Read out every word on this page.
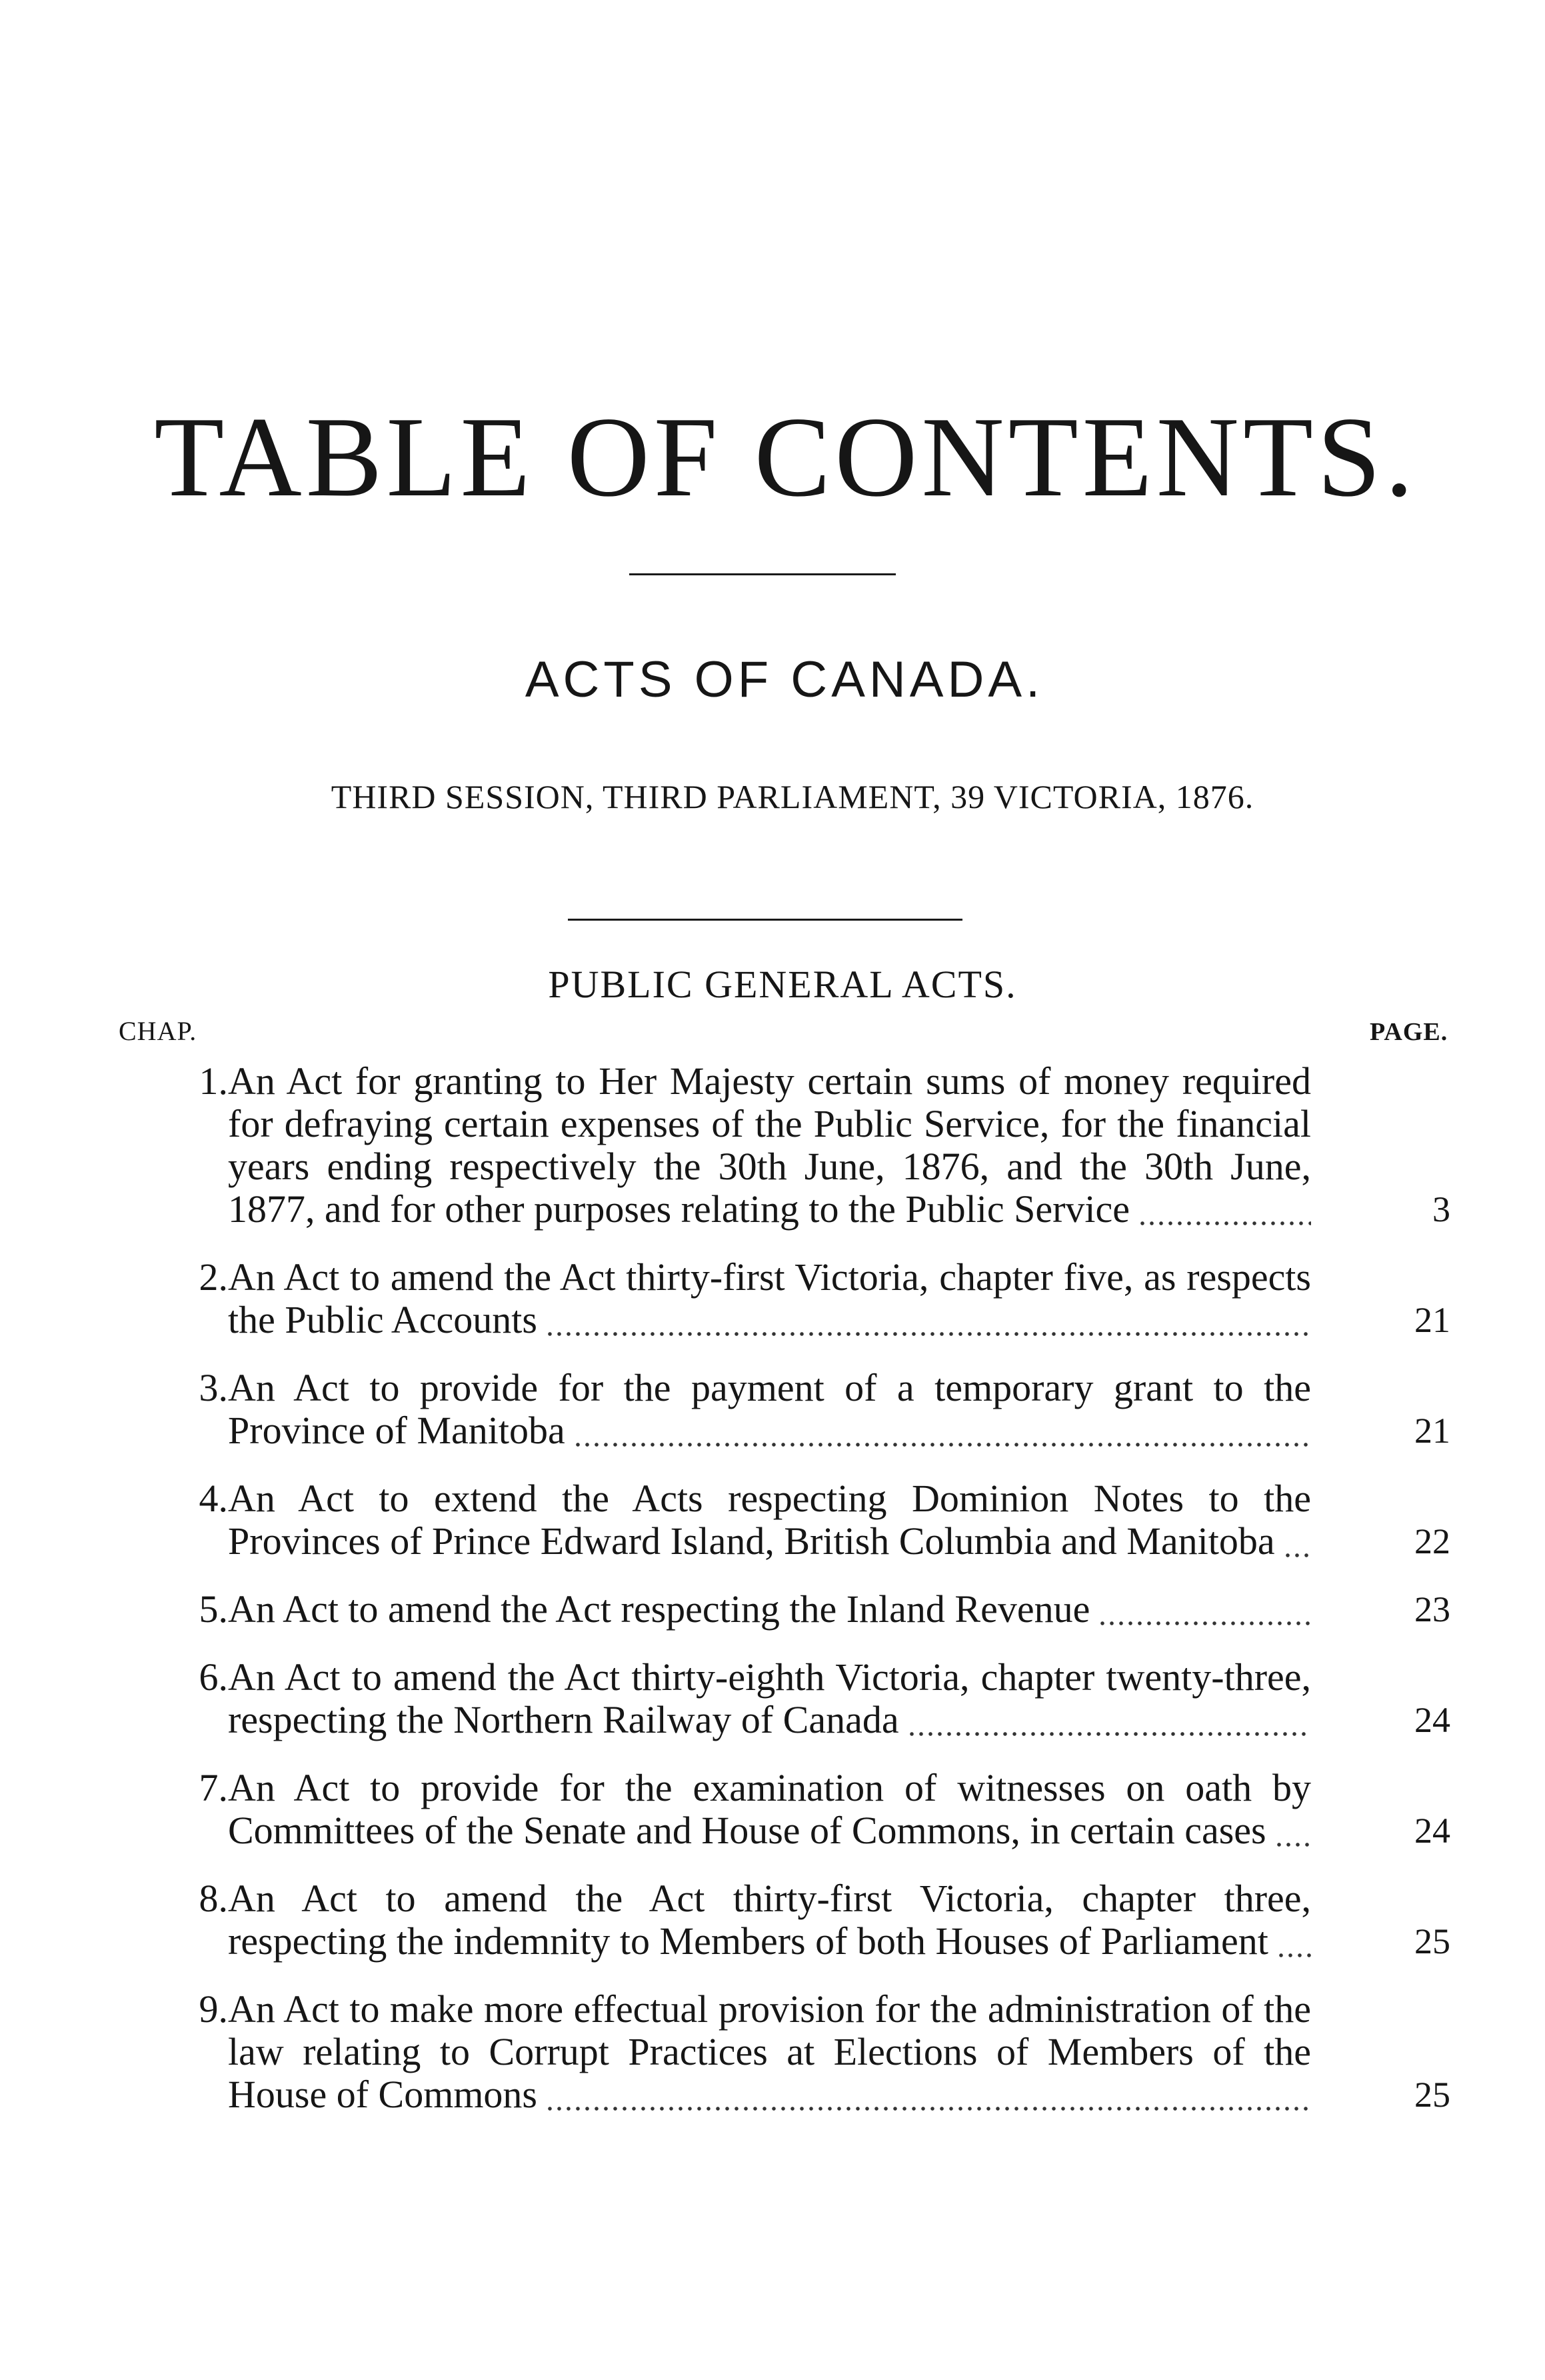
TABLE OF CONTENTS.
ACTS OF CANADA.
THIRD SESSION, THIRD PARLIAMENT, 39 VICTORIA, 1876.
PUBLIC GENERAL ACTS.
CHAP.	PAGE.
1. An Act for granting to Her Majesty certain sums of money required for defraying certain expenses of the Public Service, for the financial years ending respectively the 30th June, 1876, and the 30th June, 1877, and for other purposes relating to the Public Service	3
2. An Act to amend the Act thirty-first Victoria, chapter five, as respects the Public Accounts	21
3. An Act to provide for the payment of a temporary grant to the Province of Manitoba	21
4. An Act to extend the Acts respecting Dominion Notes to the Provinces of Prince Edward Island, British Columbia and Manitoba	22
5. An Act to amend the Act respecting the Inland Revenue	23
6. An Act to amend the Act thirty-eighth Victoria, chapter twenty-three, respecting the Northern Railway of Canada	24
7. An Act to provide for the examination of witnesses on oath by Committees of the Senate and House of Commons, in certain cases	24
8. An Act to amend the Act thirty-first Victoria, chapter three, respecting the indemnity to Members of both Houses of Parliament	25
9. An Act to make more effectual provision for the administration of the law relating to Corrupt Practices at Elections of Members of the House of Commons	25
